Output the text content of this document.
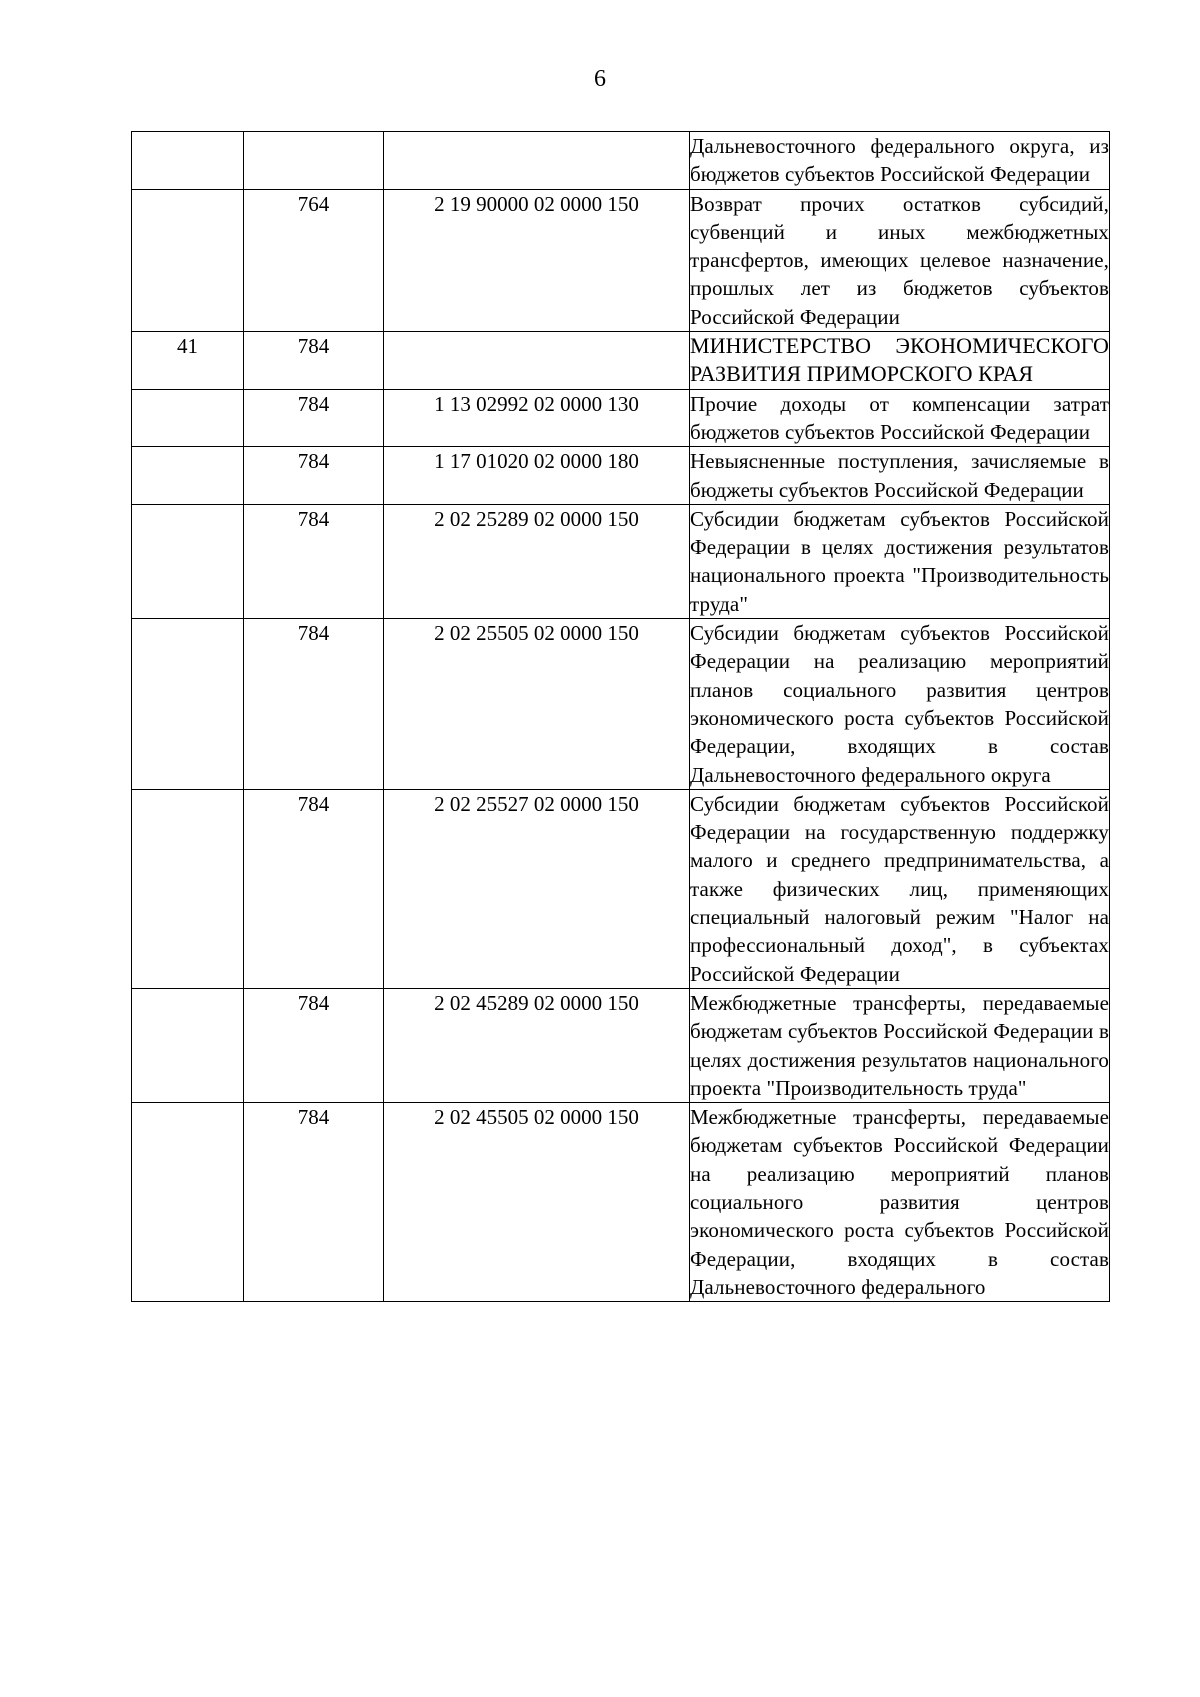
6
			Дальневосточного федерального округа, из бюджетов субъектов Российской Федерации
	764	2 19 90000 02 0000 150	Возврат прочих остатков субсидий, субвенций и иных межбюджетных трансфертов, имеющих целевое назначение, прошлых лет из бюджетов субъектов Российской Федерации
41	784		МИНИСТЕРСТВО ЭКОНОМИЧЕСКОГО РАЗВИТИЯ ПРИМОРСКОГО КРАЯ
	784	1 13 02992 02 0000 130	Прочие доходы от компенсации затрат бюджетов субъектов Российской Федерации
	784	1 17 01020 02 0000 180	Невыясненные поступления, зачисляемые в бюджеты субъектов Российской Федерации
	784	2 02 25289 02 0000 150	Субсидии бюджетам субъектов Российской Федерации в целях достижения результатов национального проекта "Производительность труда"
	784	2 02 25505 02 0000 150	Субсидии бюджетам субъектов Российской Федерации на реализацию мероприятий планов социального развития центров экономического роста субъектов Российской Федерации, входящих в состав Дальневосточного федерального округа
	784	2 02 25527 02 0000 150	Субсидии бюджетам субъектов Российской Федерации на государственную поддержку малого и среднего предпринимательства, а также физических лиц, применяющих специальный налоговый режим "Налог на профессиональный доход", в субъектах Российской Федерации
	784	2 02 45289 02 0000 150	Межбюджетные трансферты, передаваемые бюджетам субъектов Российской Федерации в целях достижения результатов национального проекта "Производительность труда"
	784	2 02 45505 02 0000 150	Межбюджетные трансферты, передаваемые бюджетам субъектов Российской Федерации на реализацию мероприятий планов социального развития центров экономического роста субъектов Российской Федерации, входящих в состав Дальневосточного федерального
